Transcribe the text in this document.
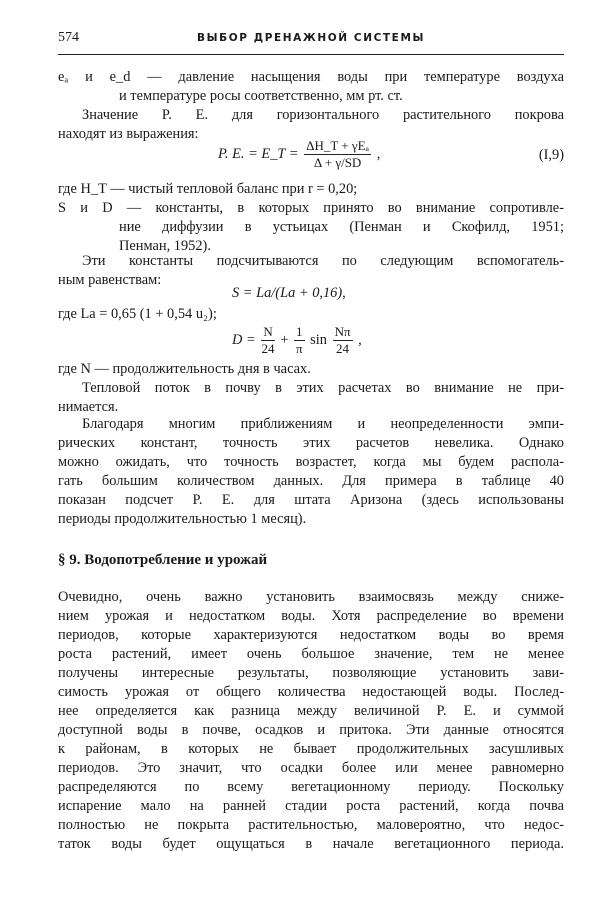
574	ВЫБОР ДРЕНАЖНОЙ СИСТЕМЫ
eₐ и e_d — давление насыщения воды при температуре воздуха
и температуре росы соответственно, мм рт. ст.
Значение P. E. для горизонтального растительного покрова
находят из выражения:
P. E. = E_T = $\frac{\text{ΔH\_T + γEₐ}}{\Delta + \gamma/SD}$ ,	(I,9)
где H_T — чистый тепловой баланс при r = 0,20;
S и D — константы, в которых принято во внимание сопротивле-
ние диффузии в устьицах (Пенман и Скофилд, 1951;
Пенман, 1952).
Эти константы подсчитываются по следующим вспомогатель-
ным равенствам:
S = La/(La + 0,16),
где La = 0,65 (1 + 0,54 u₂);
$D = \frac{N}{24} + \frac{1}{\pi}$ $\sin \frac{N\pi}{24}$ ,
где N — продолжительность дня в часах.
Тепловой поток в почву в этих расчетах во внимание не при-
нимается.
Благодаря многим приближениям и неопределенности эмпи-
рических констант, точность этих расчетов невелика. Однако
можно ожидать, что точность возрастет, когда мы будем распола-
гать большим количеством данных. Для примера в таблице 40
показан подсчет P. E. для штата Аризона (здесь использованы
периоды продолжительностью 1 месяц).
§ 9. Водопотребление и урожай
Очевидно, очень важно установить взаимосвязь между сниже-
нием урожая и недостатком воды. Хотя распределение во времени
периодов, которые характеризуются недостатком воды во время
роста растений, имеет очень большое значение, тем не менее
получены интересные результаты, позволяющие установить зави-
симость урожая от общего количества недостающей воды. Послед-
нее определяется как разница между величиной P. E. и суммой
доступной воды в почве, осадков и притока. Эти данные относятся
к районам, в которых не бывает продолжительных засушливых
периодов. Это значит, что осадки более или менее равномерно
распределяются по всему вегетационному периоду. Поскольку
испарение мало на ранней стадии роста растений, когда почва
полностью не покрыта растительностью, маловероятно, что недос-
таток воды будет ощущаться в начале вегетационного периода.
